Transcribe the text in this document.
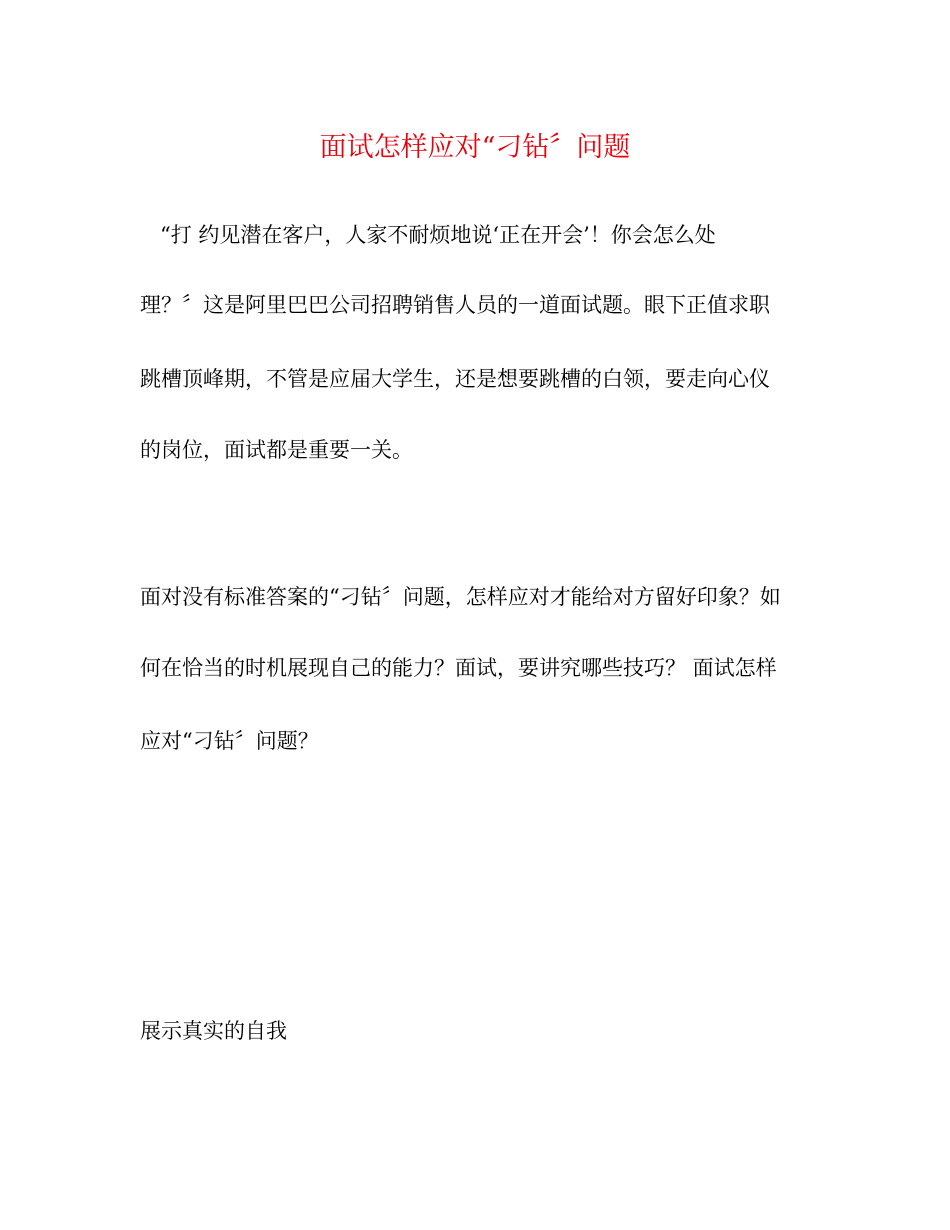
面试怎样应对“刁钻〞问题
“打 约见潜在客户，人家不耐烦地说‘正在开会’！你会怎么处
理？〞这是阿里巴巴公司招聘销售人员的一道面试题。眼下正值求职
跳槽顶峰期，不管是应届大学生，还是想要跳槽的白领，要走向心仪
的岗位，面试都是重要一关。
面对没有标准答案的“刁钻〞问题，怎样应对才能给对方留好印象？如
何在恰当的时机展现自己的能力？面试，要讲究哪些技巧？ 面试怎样
应对“刁钻〞问题？
展示真实的自我
